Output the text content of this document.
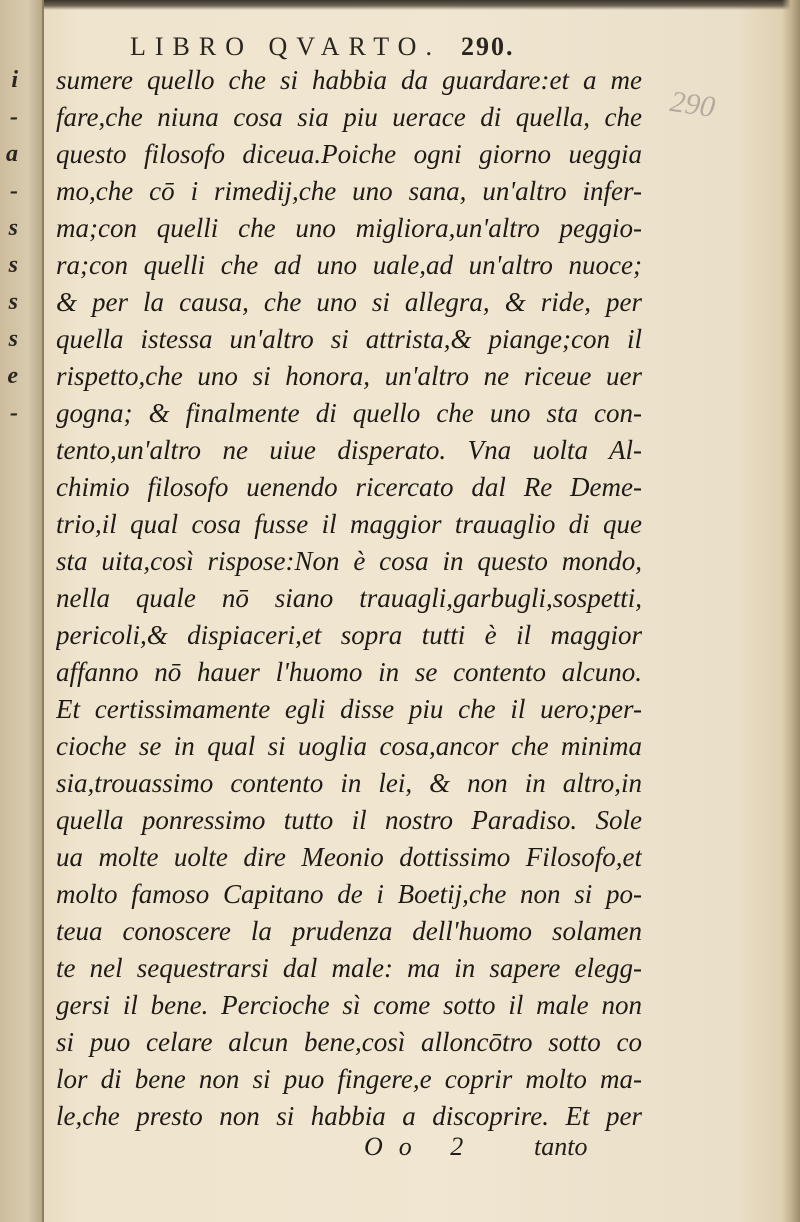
i
-
a
-
s
s
s
s
e
-
LIBRO QVARTO. 290.
290
sumere quello che si habbia da guardare:et a me
fare,che niuna cosa sia piu uerace di quella, che
questo filosofo diceua.Poiche ogni giorno ueggia
mo,che cō i rimedij,che uno sana, un'altro infer-
ma;con quelli che uno migliora,un'altro peggio-
ra;con quelli che ad uno uale,ad un'altro nuoce;
& per la causa, che uno si allegra, & ride, per
quella istessa un'altro si attrista,& piange;con il
rispetto,che uno si honora, un'altro ne riceue uer
gogna; & finalmente di quello che uno sta con-
tento,un'altro ne uiue disperato. Vna uolta Al-
chimio filosofo uenendo ricercato dal Re Deme-
trio,il qual cosa fusse il maggior trauaglio di que
sta uita,così rispose:Non è cosa in questo mondo,
nella quale nō siano trauagli,garbugli,sospetti,
pericoli,& dispiaceri,et sopra tutti è il maggior
affanno nō hauer l'huomo in se contento alcuno.
Et certissimamente egli disse piu che il uero;per-
cioche se in qual si uoglia cosa,ancor che minima
sia,trouassimo contento in lei, & non in altro,in
quella ponressimo tutto il nostro Paradiso. Sole
ua molte uolte dire Meonio dottissimo Filosofo,et
molto famoso Capitano de i Boetij,che non si po-
teua conoscere la prudenza dell'huomo solamen
te nel sequestrarsi dal male: ma in sapere elegg-
gersi il bene. Percioche sì come sotto il male non
si puo celare alcun bene,così alloncōtro sotto co
lor di bene non si puo fingere,e coprir molto ma-
le,che presto non si habbia a discoprire. Et per
Oo 2 tanto
